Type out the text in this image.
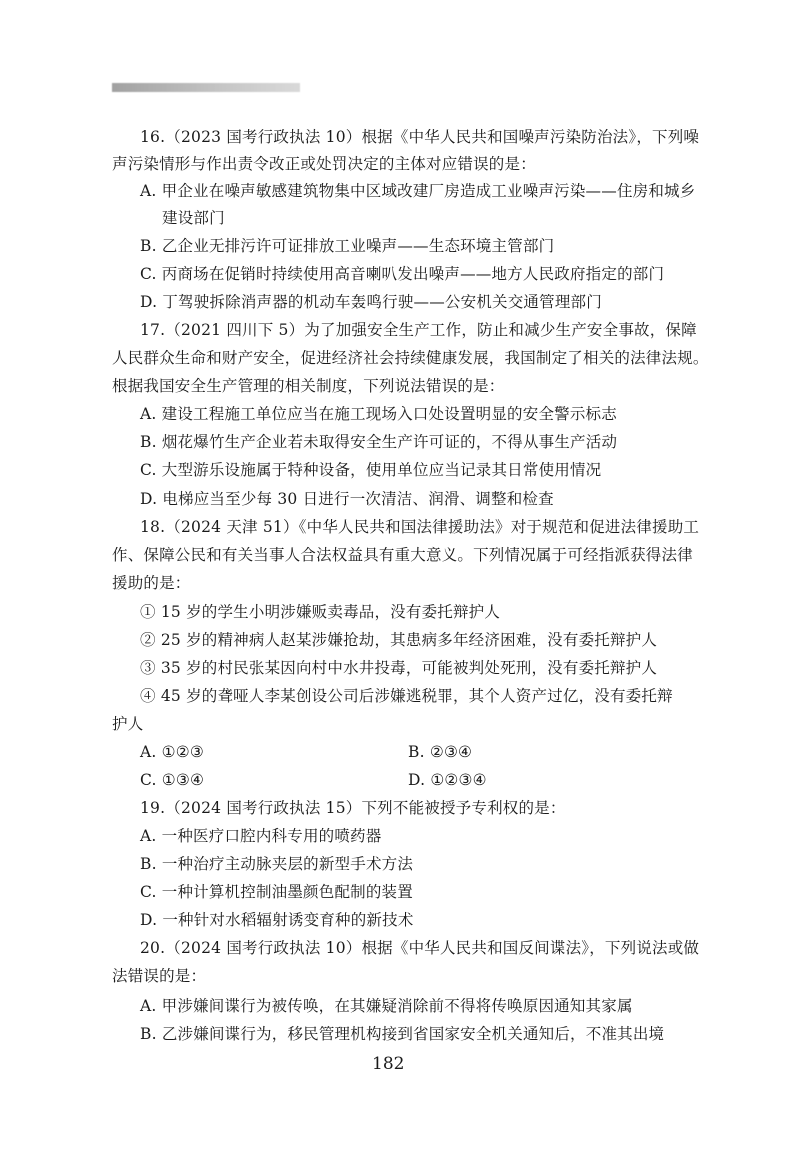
16.（2023 国考行政执法 10）根据《中华人民共和国噪声污染防治法》，下列噪
声污染情形与作出责令改正或处罚决定的主体对应错误的是：
A. 甲企业在噪声敏感建筑物集中区域改建厂房造成工业噪声污染——住房和城乡
建设部门
B. 乙企业无排污许可证排放工业噪声——生态环境主管部门
C. 丙商场在促销时持续使用高音喇叭发出噪声——地方人民政府指定的部门
D. 丁驾驶拆除消声器的机动车轰鸣行驶——公安机关交通管理部门
17.（2021 四川下 5）为了加强安全生产工作，防止和减少生产安全事故，保障
人民群众生命和财产安全，促进经济社会持续健康发展，我国制定了相关的法律法规。
根据我国安全生产管理的相关制度，下列说法错误的是：
A. 建设工程施工单位应当在施工现场入口处设置明显的安全警示标志
B. 烟花爆竹生产企业若未取得安全生产许可证的，不得从事生产活动
C. 大型游乐设施属于特种设备，使用单位应当记录其日常使用情况
D. 电梯应当至少每 30 日进行一次清洁、润滑、调整和检查
18.（2024 天津 51）《中华人民共和国法律援助法》对于规范和促进法律援助工
作、保障公民和有关当事人合法权益具有重大意义。下列情况属于可经指派获得法律
援助的是：
① 15 岁的学生小明涉嫌贩卖毒品，没有委托辩护人
② 25 岁的精神病人赵某涉嫌抢劫，其患病多年经济困难，没有委托辩护人
③ 35 岁的村民张某因向村中水井投毒，可能被判处死刑，没有委托辩护人
④ 45 岁的聋哑人李某创设公司后涉嫌逃税罪，其个人资产过亿，没有委托辩
护人
A. ①②③	B. ②③④
C. ①③④	D. ①②③④
19.（2024 国考行政执法 15）下列不能被授予专利权的是：
A. 一种医疗口腔内科专用的喷药器
B. 一种治疗主动脉夹层的新型手术方法
C. 一种计算机控制油墨颜色配制的装置
D. 一种针对水稻辐射诱变育种的新技术
20.（2024 国考行政执法 10）根据《中华人民共和国反间谍法》，下列说法或做
法错误的是：
A. 甲涉嫌间谍行为被传唤，在其嫌疑消除前不得将传唤原因通知其家属
B. 乙涉嫌间谍行为，移民管理机构接到省国家安全机关通知后，不准其出境
182
